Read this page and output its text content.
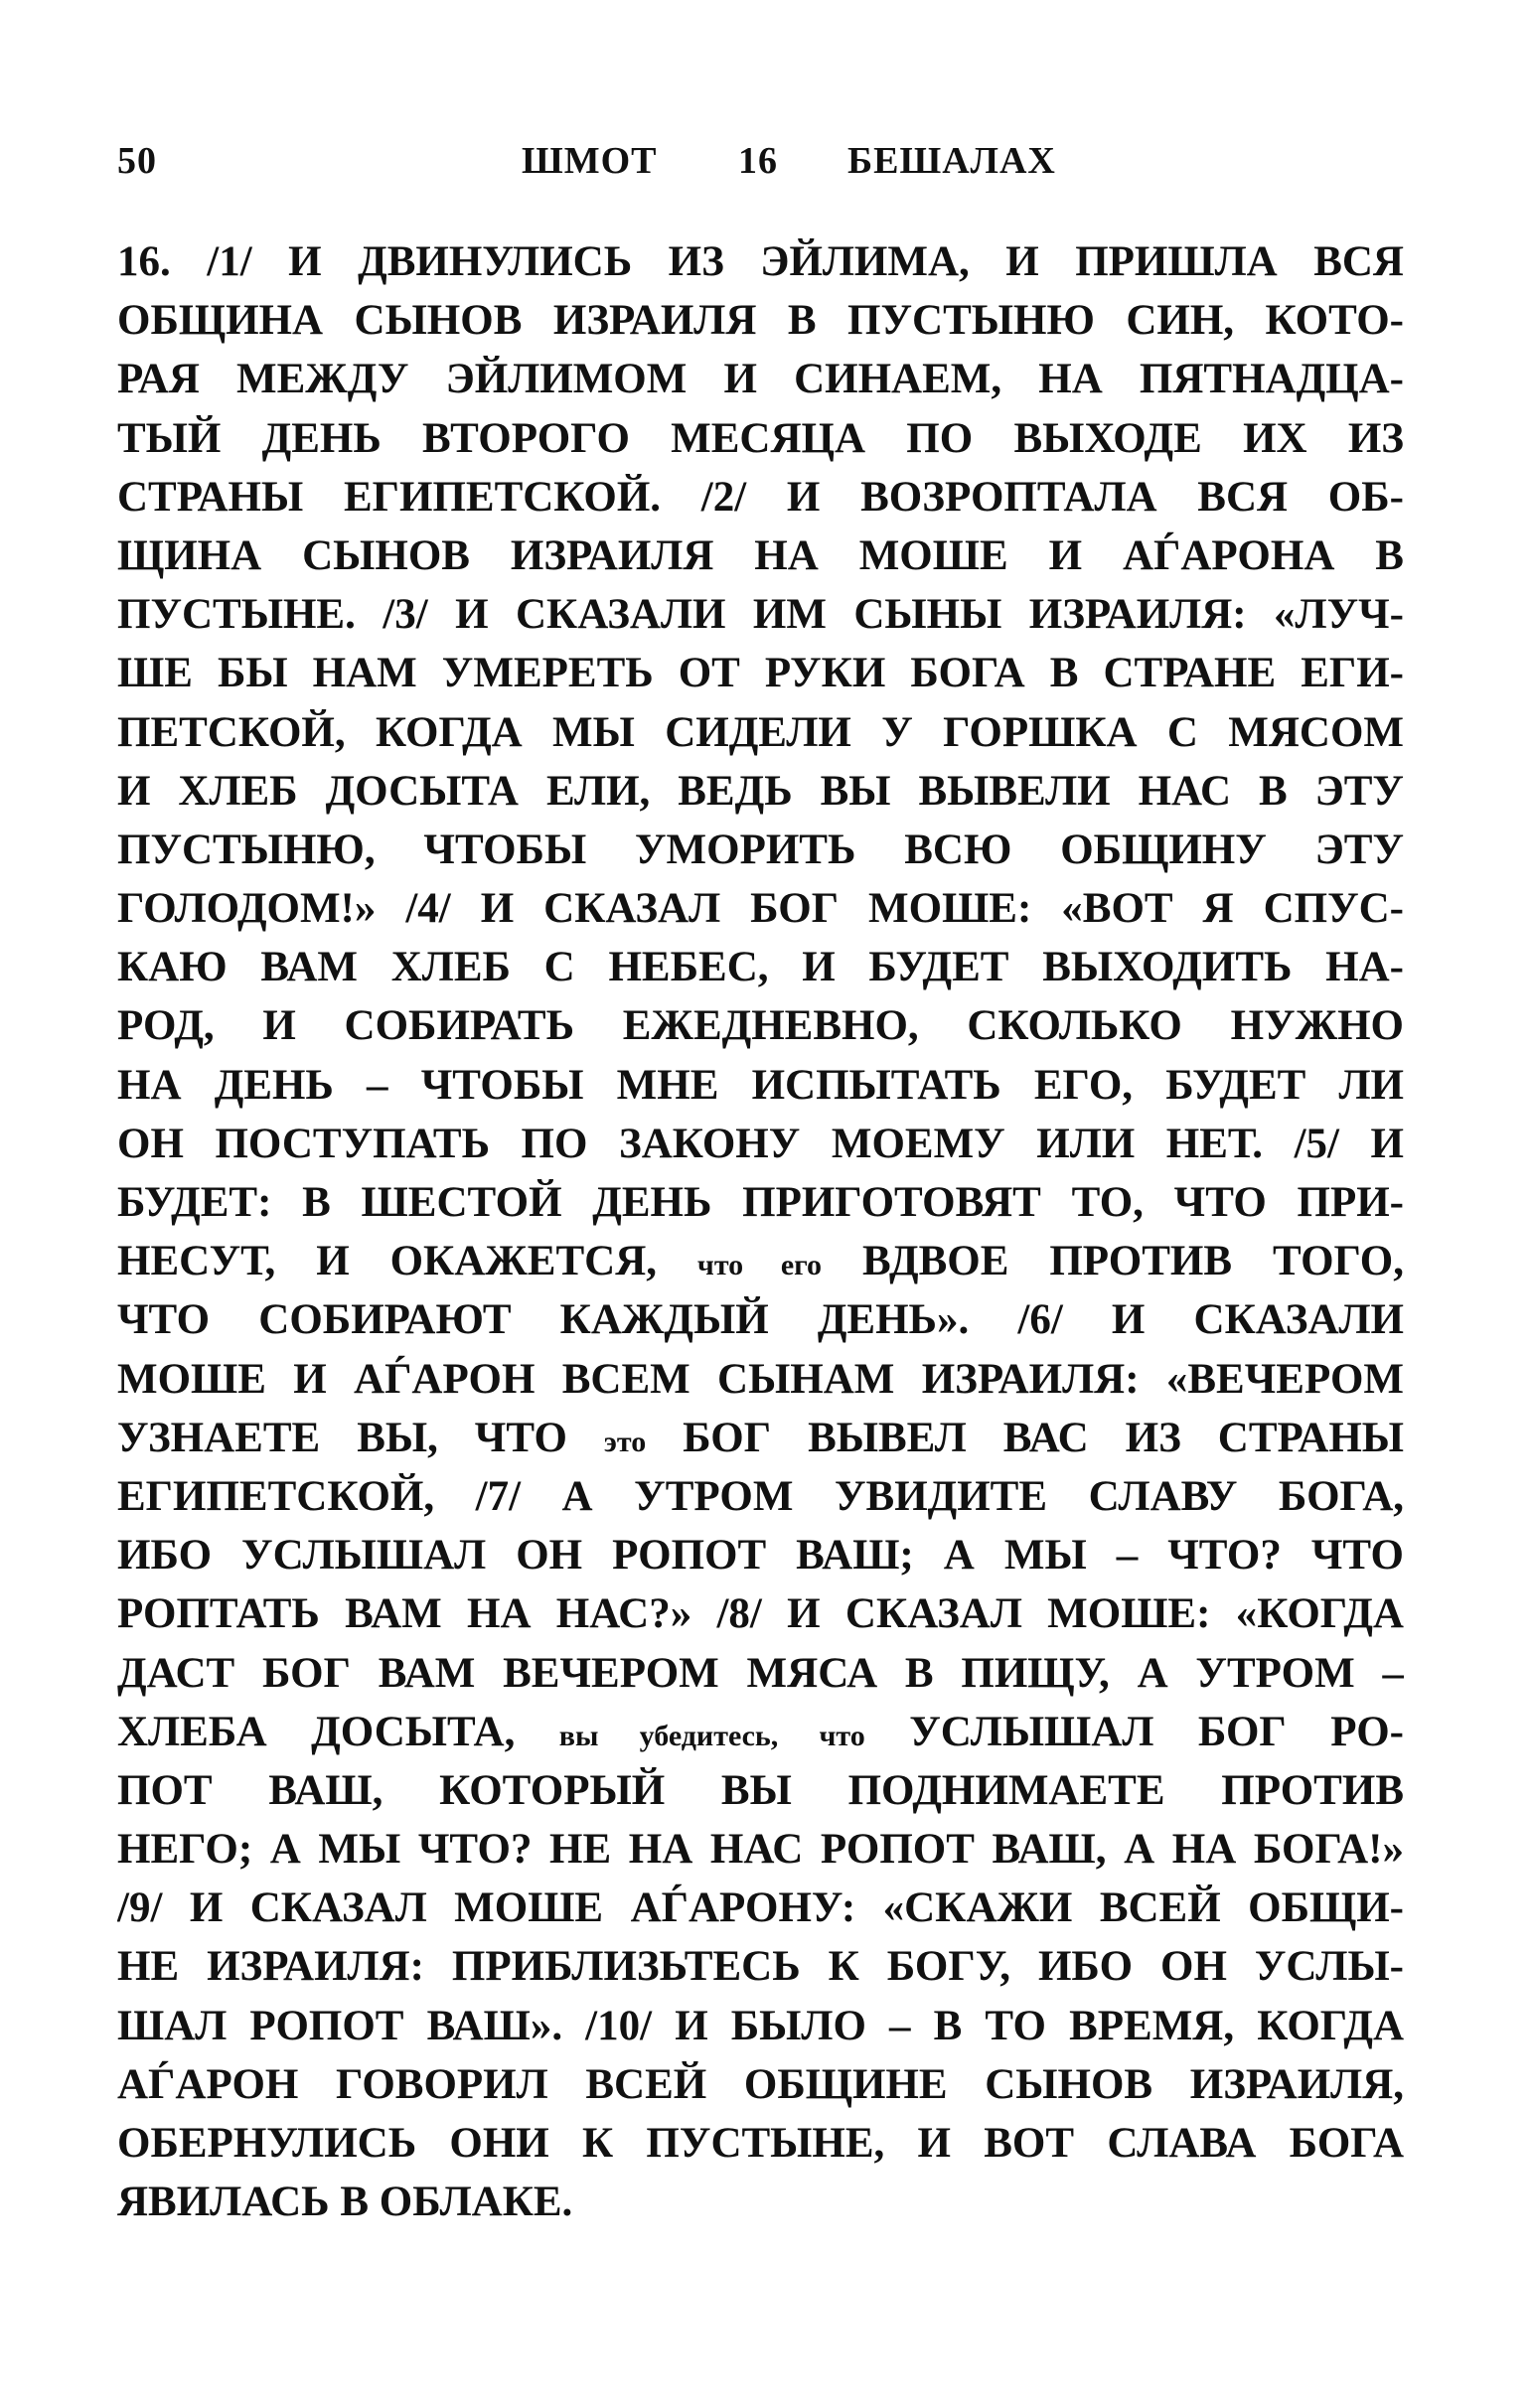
50	ШМОТ 16 БЕШАЛАХ
16. /1/ И ДВИНУЛИСЬ ИЗ ЭЙЛИМА, И ПРИШЛА ВСЯ
ОБЩИНА СЫНОВ ИЗРАИЛЯ В ПУСТЫНЮ СИН, КОТО-
РАЯ МЕЖДУ ЭЙЛИМОМ И СИНАЕМ, НА ПЯТНАДЦА-
ТЫЙ ДЕНЬ ВТОРОГО МЕСЯЦА ПО ВЫХОДЕ ИХ ИЗ
СТРАНЫ ЕГИПЕТСКОЙ. /2/ И ВОЗРОПТАЛА ВСЯ ОБ-
ЩИНА СЫНОВ ИЗРАИЛЯ НА МОШЕ И АЃАРОНА В
ПУСТЫНЕ. /3/ И СКАЗАЛИ ИМ СЫНЫ ИЗРАИЛЯ: «ЛУЧ-
ШЕ БЫ НАМ УМЕРЕТЬ ОТ РУКИ БОГА В СТРАНЕ ЕГИ-
ПЕТСКОЙ, КОГДА МЫ СИДЕЛИ У ГОРШКА С МЯСОМ
И ХЛЕБ ДОСЫТА ЕЛИ, ВЕДЬ ВЫ ВЫВЕЛИ НАС В ЭТУ
ПУСТЫНЮ, ЧТОБЫ УМОРИТЬ ВСЮ ОБЩИНУ ЭТУ
ГОЛОДОМ!» /4/ И СКАЗАЛ БОГ МОШЕ: «ВОТ Я СПУС-
КАЮ ВАМ ХЛЕБ С НЕБЕС, И БУДЕТ ВЫХОДИТЬ НА-
РОД, И СОБИРАТЬ ЕЖЕДНЕВНО, СКОЛЬКО НУЖНО
НА ДЕНЬ – ЧТОБЫ МНЕ ИСПЫТАТЬ ЕГО, БУДЕТ ЛИ
ОН ПОСТУПАТЬ ПО ЗАКОНУ МОЕМУ ИЛИ НЕТ. /5/ И
БУДЕТ: В ШЕСТОЙ ДЕНЬ ПРИГОТОВЯТ ТО, ЧТО ПРИ-
НЕСУТ, И ОКАЖЕТСЯ, что его ВДВОЕ ПРОТИВ ТОГО,
ЧТО СОБИРАЮТ КАЖДЫЙ ДЕНЬ». /6/ И СКАЗАЛИ
МОШЕ И АЃАРОН ВСЕМ СЫНАМ ИЗРАИЛЯ: «ВЕЧЕРОМ
УЗНАЕТЕ ВЫ, ЧТО это БОГ ВЫВЕЛ ВАС ИЗ СТРАНЫ
ЕГИПЕТСКОЙ, /7/ А УТРОМ УВИДИТЕ СЛАВУ БОГА,
ИБО УСЛЫШАЛ ОН РОПОТ ВАШ; А МЫ – ЧТО? ЧТО
РОПТАТЬ ВАМ НА НАС?» /8/ И СКАЗАЛ МОШЕ: «КОГДА
ДАСТ БОГ ВАМ ВЕЧЕРОМ МЯСА В ПИЩУ, А УТРОМ –
ХЛЕБА ДОСЫТА, вы убедитесь, что УСЛЫШАЛ БОГ РО-
ПОТ ВАШ, КОТОРЫЙ ВЫ ПОДНИМАЕТЕ ПРОТИВ
НЕГО; А МЫ ЧТО? НЕ НА НАС РОПОТ ВАШ, А НА БОГА!»
/9/ И СКАЗАЛ МОШЕ АЃАРОНУ: «СКАЖИ ВСЕЙ ОБЩИ-
НЕ ИЗРАИЛЯ: ПРИБЛИЗЬТЕСЬ К БОГУ, ИБО ОН УСЛЫ-
ШАЛ РОПОТ ВАШ». /10/ И БЫЛО – В ТО ВРЕМЯ, КОГДА
АЃАРОН ГОВОРИЛ ВСЕЙ ОБЩИНЕ СЫНОВ ИЗРАИЛЯ,
ОБЕРНУЛИСЬ ОНИ К ПУСТЫНЕ, И ВОТ СЛАВА БОГА
ЯВИЛАСЬ В ОБЛАКЕ.
